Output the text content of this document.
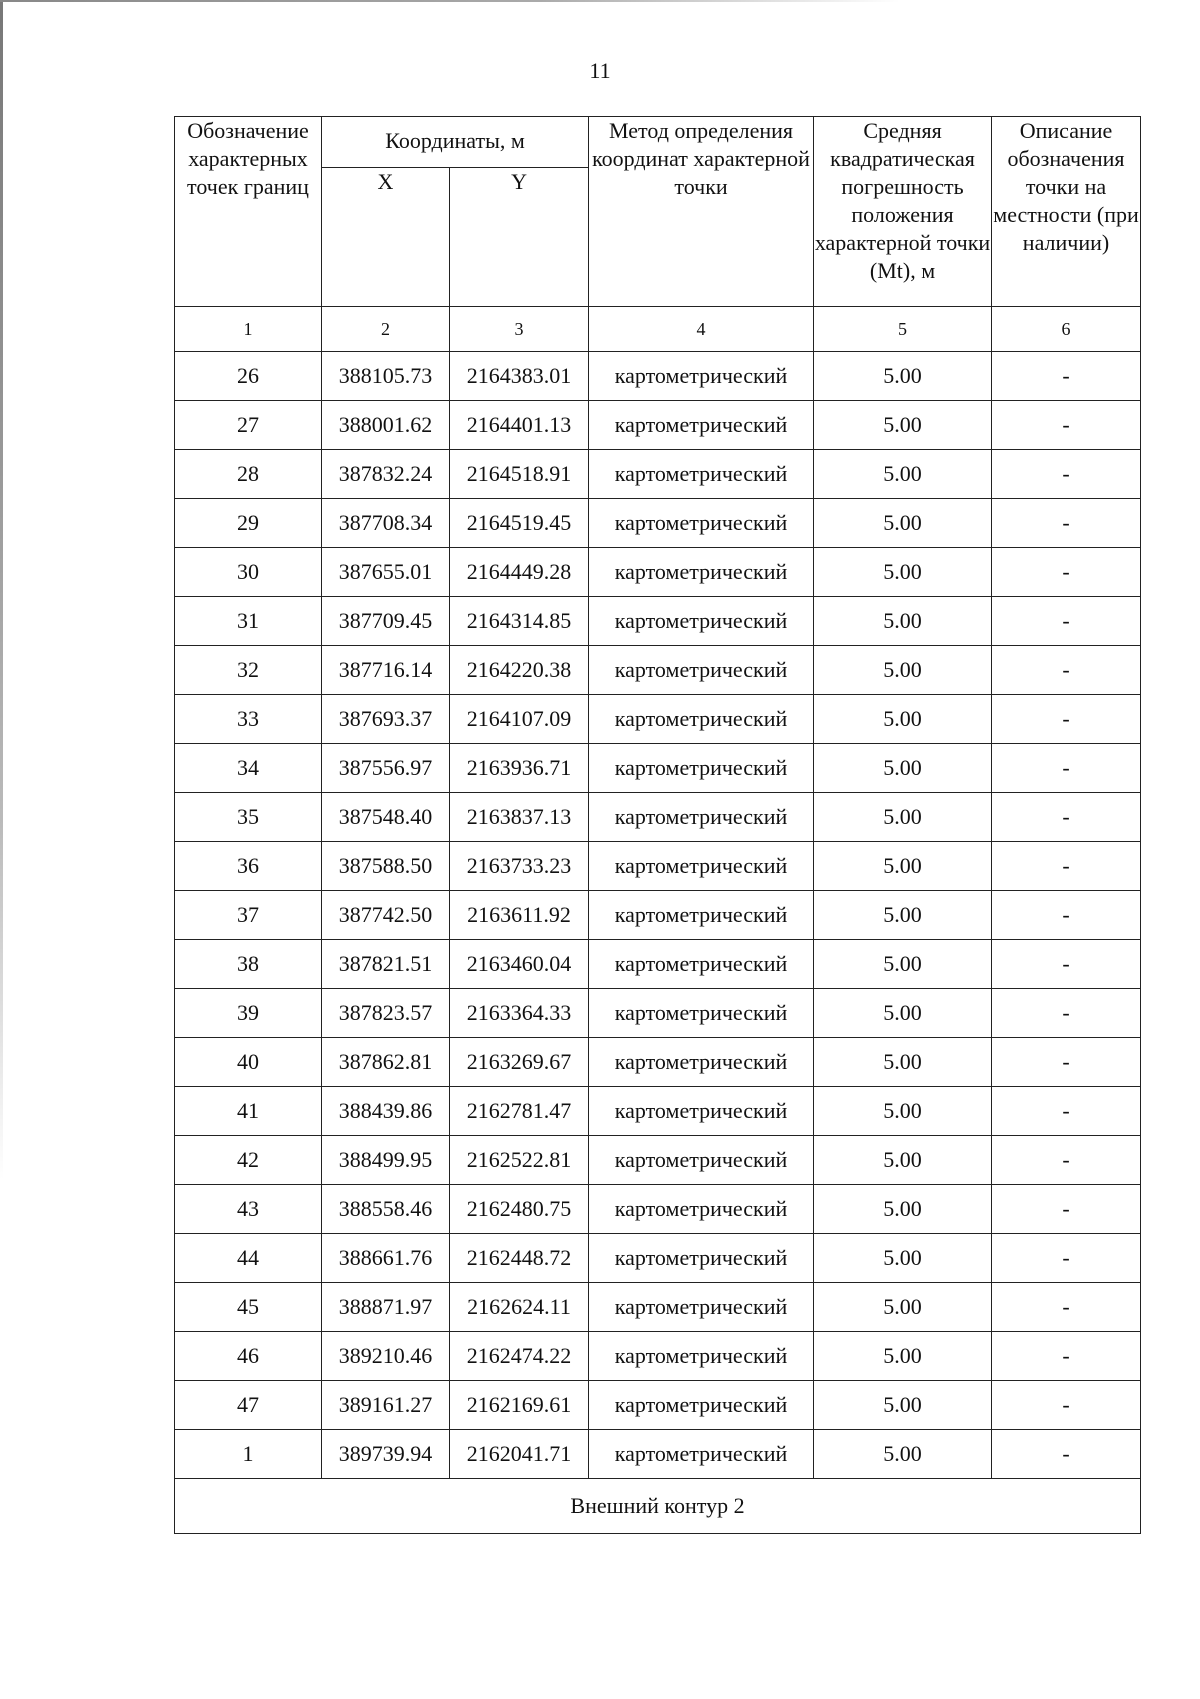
11
Обозначение характерных точек границ	Координаты, м		Метод определения координат характерной точки	Средняя квадратическая погрешность положения характерной точки (Mt), м	Описание обозначения точки на местности (при наличии)
	X	Y			
1	2	3	4	5	6
26	388105.73	2164383.01	картометрический	5.00	-
27	388001.62	2164401.13	картометрический	5.00	-
28	387832.24	2164518.91	картометрический	5.00	-
29	387708.34	2164519.45	картометрический	5.00	-
30	387655.01	2164449.28	картометрический	5.00	-
31	387709.45	2164314.85	картометрический	5.00	-
32	387716.14	2164220.38	картометрический	5.00	-
33	387693.37	2164107.09	картометрический	5.00	-
34	387556.97	2163936.71	картометрический	5.00	-
35	387548.40	2163837.13	картометрический	5.00	-
36	387588.50	2163733.23	картометрический	5.00	-
37	387742.50	2163611.92	картометрический	5.00	-
38	387821.51	2163460.04	картометрический	5.00	-
39	387823.57	2163364.33	картометрический	5.00	-
40	387862.81	2163269.67	картометрический	5.00	-
41	388439.86	2162781.47	картометрический	5.00	-
42	388499.95	2162522.81	картометрический	5.00	-
43	388558.46	2162480.75	картометрический	5.00	-
44	388661.76	2162448.72	картометрический	5.00	-
45	388871.97	2162624.11	картометрический	5.00	-
46	389210.46	2162474.22	картометрический	5.00	-
47	389161.27	2162169.61	картометрический	5.00	-
1	389739.94	2162041.71	картометрический	5.00	-
Внешний контур 2					
